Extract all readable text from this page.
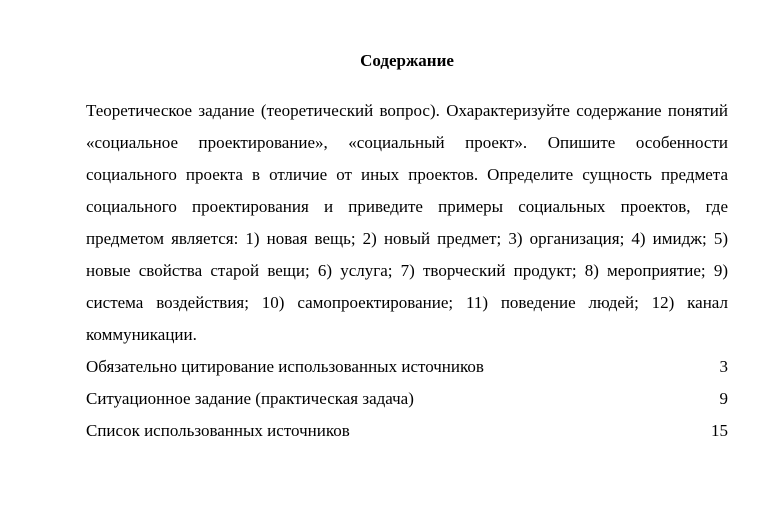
Содержание
Теоретическое задание (теоретический вопрос). Охарактеризуйте содержание понятий «социальное проектирование», «социальный проект». Опишите особенности социального проекта в отличие от иных проектов. Определите сущность предмета социального проектирования и приведите примеры социальных проектов, где предметом является: 1) новая вещь; 2) новый предмет; 3) организация; 4) имидж; 5) новые свойства старой вещи; 6) услуга; 7) творческий продукт; 8) мероприятие; 9) система воздействия; 10) самопроектирование; 11) поведение людей; 12) канал коммуникации.
Обязательно цитирование использованных источников	3
Ситуационное задание (практическая задача)	9
Список использованных источников	15
